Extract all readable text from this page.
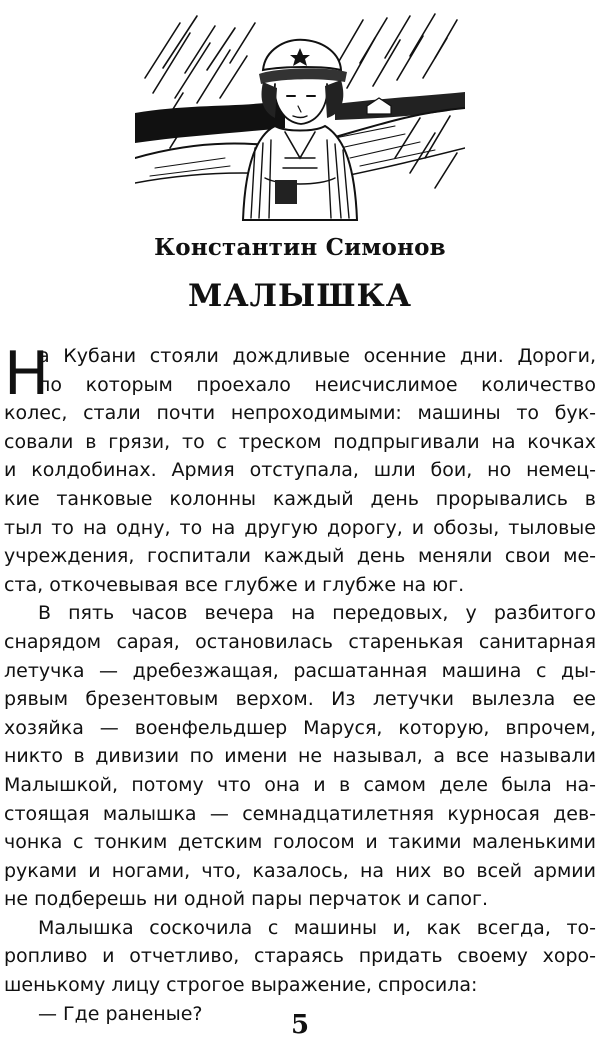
Константин Симонов
МАЛЫШКА
Н
а Кубани стояли дождливые осенние дни. Дороги,
по которым проехало неисчислимое количество
колес, стали почти непроходимыми: машины то бук-
совали в грязи, то с треском подпрыгивали на кочках
и колдобинах. Армия отступала, шли бои, но немец-
кие танковые колонны каждый день прорывались в
тыл то на одну, то на другую дорогу, и обозы, тыловые
учреждения, госпитали каждый день меняли свои ме-
ста, откочевывая все глубже и глубже на юг.
В пять часов вечера на передовых, у разбитого
снарядом сарая, остановилась старенькая санитарная
летучка — дребезжащая, расшатанная машина с ды-
рявым брезентовым верхом. Из летучки вылезла ее
хозяйка — военфельдшер Маруся, которую, впрочем,
никто в дивизии по имени не называл, а все называли
Малышкой, потому что она и в самом деле была на-
стоящая малышка — семнадцатилетняя курносая дев-
чонка с тонким детским голосом и такими маленькими
руками и ногами, что, казалось, на них во всей армии
не подберешь ни одной пары перчаток и сапог.
Малышка соскочила с машины и, как всегда, то-
ропливо и отчетливо, стараясь придать своему хоро-
шенькому лицу строгое выражение, спросила:
— Где раненые?	5
